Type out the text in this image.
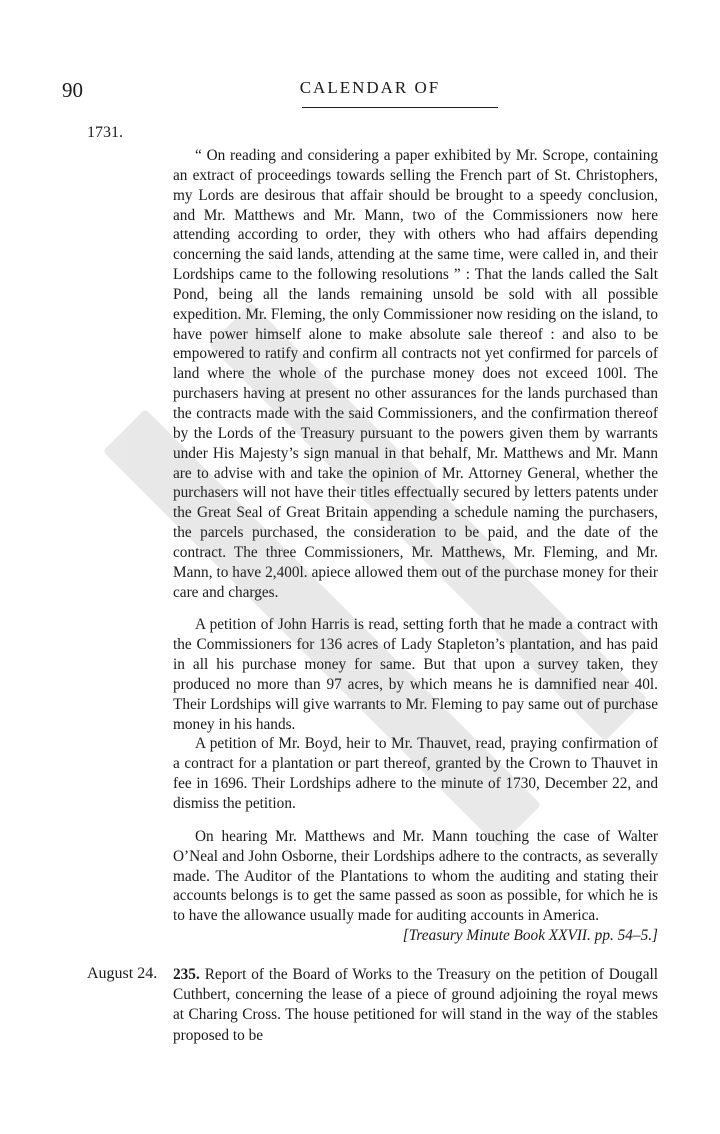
90	CALENDAR OF
1731.

“ On reading and considering a paper exhibited by Mr. Scrope, containing an extract of proceedings towards selling the French part of St. Christophers, my Lords are desirous that affair should be brought to a speedy conclusion, and Mr. Matthews and Mr. Mann, two of the Commissioners now here attending according to order, they with others who had affairs depending concerning the said lands, attending at the same time, were called in, and their Lordships came to the following resolutions ” : That the lands called the Salt Pond, being all the lands remaining unsold be sold with all possible expedition. Mr. Fleming, the only Commissioner now residing on the island, to have power himself alone to make absolute sale thereof : and also to be empowered to ratify and confirm all contracts not yet confirmed for parcels of land where the whole of the purchase money does not exceed 100l. The purchasers having at present no other assurances for the lands purchased than the contracts made with the said Commissioners, and the confirmation thereof by the Lords of the Treasury pursuant to the powers given them by warrants under His Majesty’s sign manual in that behalf, Mr. Matthews and Mr. Mann are to advise with and take the opinion of Mr. Attorney General, whether the purchasers will not have their titles effectually secured by letters patents under the Great Seal of Great Britain appending a schedule naming the purchasers, the parcels purchased, the consideration to be paid, and the date of the contract. The three Commissioners, Mr. Matthews, Mr. Fleming, and Mr. Mann, to have 2,400l. apiece allowed them out of the purchase money for their care and charges.

A petition of John Harris is read, setting forth that he made a contract with the Commissioners for 136 acres of Lady Stapleton’s plantation, and has paid in all his purchase money for same. But that upon a survey taken, they produced no more than 97 acres, by which means he is damnified near 40l. Their Lordships will give warrants to Mr. Fleming to pay same out of purchase money in his hands.

A petition of Mr. Boyd, heir to Mr. Thauvet, read, praying confirmation of a contract for a plantation or part thereof, granted by the Crown to Thauvet in fee in 1696. Their Lordships adhere to the minute of 1730, December 22, and dismiss the petition.

On hearing Mr. Matthews and Mr. Mann touching the case of Walter O’Neal and John Osborne, their Lordships adhere to the contracts, as severally made. The Auditor of the Plantations to whom the auditing and stating their accounts belongs is to get the same passed as soon as possible, for which he is to have the allowance usually made for auditing accounts in America.

[Treasury Minute Book XXVII. pp. 54–5.]

August 24. 235. Report of the Board of Works to the Treasury on the petition of Dougall Cuthbert, concerning the lease of a piece of ground adjoining the royal mews at Charing Cross. The house petitioned for will stand in the way of the stables proposed to be
